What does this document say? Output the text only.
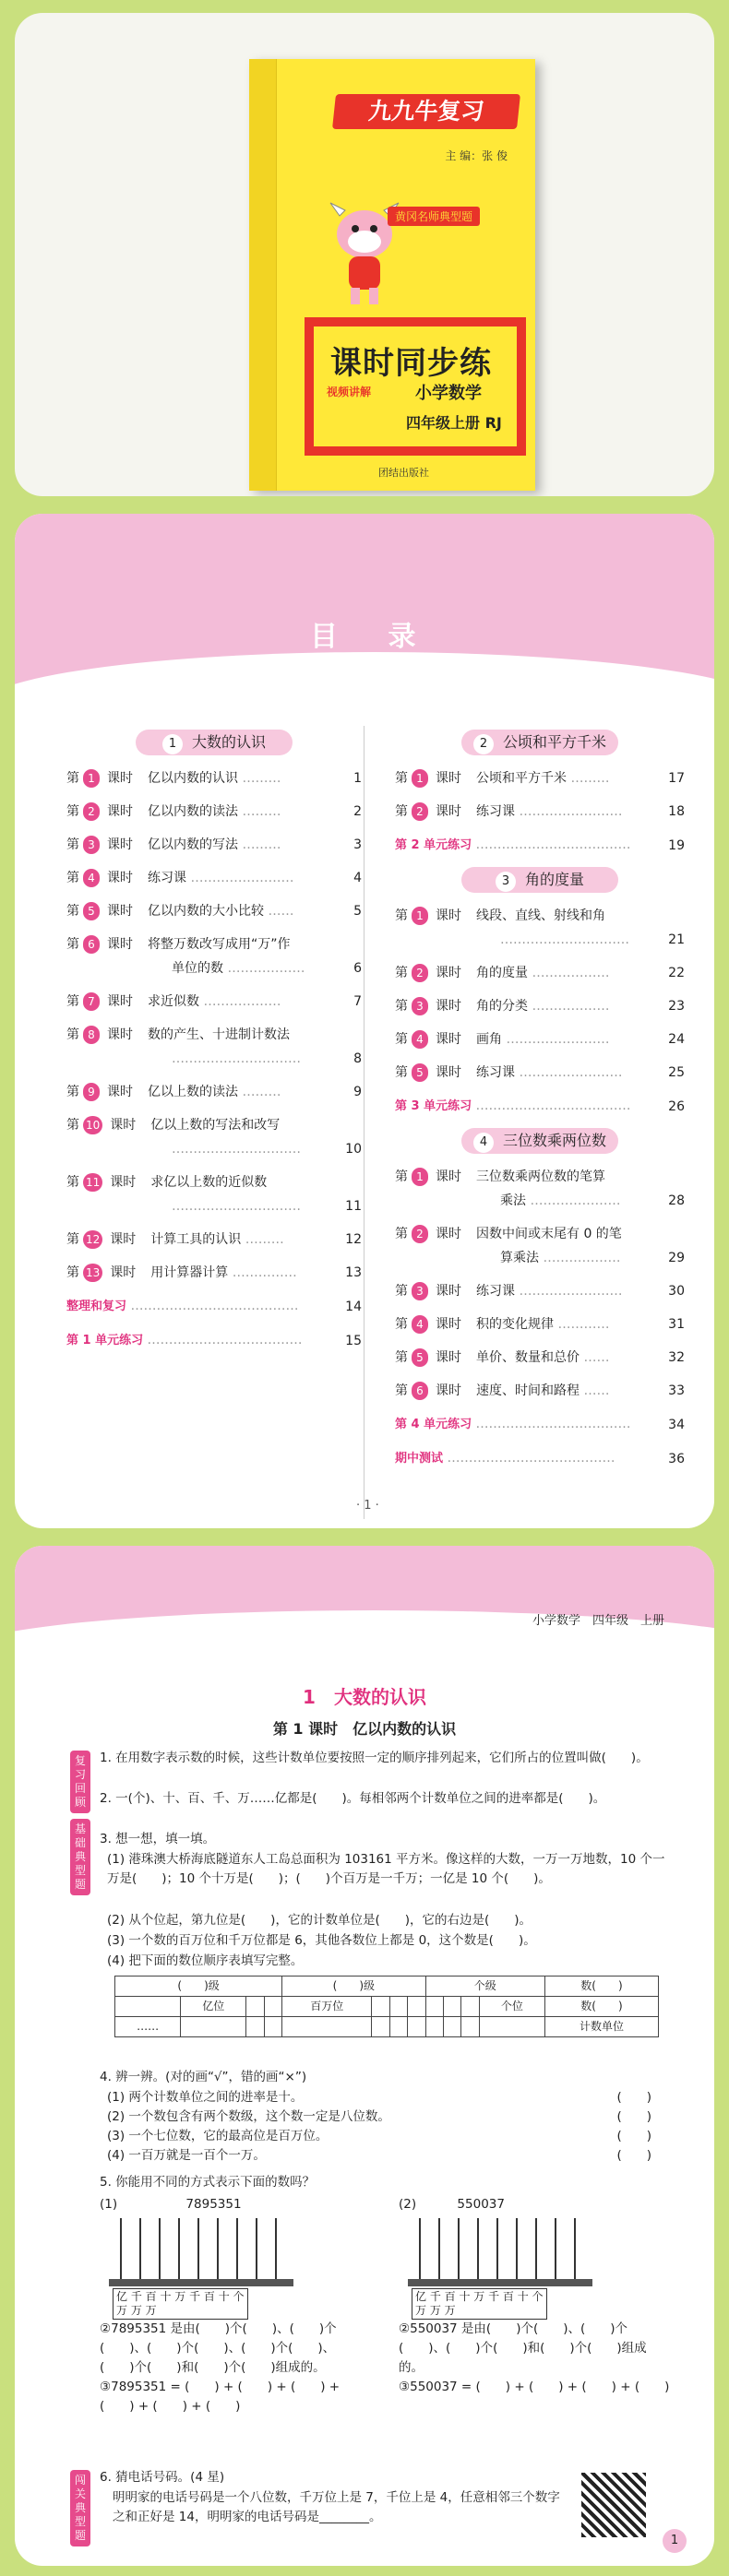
九九牛复习
主 编：张 俊
黄冈名师典型题
课时同步练
视频讲解	小学数学
四年级上册 RJ
团结出版社
目 录
1 大数的认识
第 1 课时 亿以内数的认识 ………	1
第 2 课时 亿以内数的读法 ………	2
第 3 课时 亿以内数的写法 ………	3
第 4 课时 练习课 ……………………	4
第 5 课时 亿以内数的大小比较 ……	5
第 6 课时 将整万数改写成用“万”作
单位的数 ………………	6
第 7 课时 求近似数 ………………	7
第 8 课时 数的产生、十进制计数法
…………………………	8
第 9 课时 亿以上数的读法 ………	9
第 10 课时 亿以上数的写法和改写
…………………………	10
第 11 课时 求亿以上数的近似数
…………………………	11
第 12 课时 计算工具的认识 ………	12
第 13 课时 用计算器计算 ……………	13
整理和复习 …………………………………	14
第 1 单元练习 ………………………………	15
2 公顷和平方千米
第 1 课时 公顷和平方千米 ………	17
第 2 课时 练习课 ……………………	18
第 2 单元练习 ………………………………	19
3 角的度量
第 1 课时 线段、直线、射线和角
…………………………	21
第 2 课时 角的度量 ………………	22
第 3 课时 角的分类 ………………	23
第 4 课时 画角 ……………………	24
第 5 课时 练习课 ……………………	25
第 3 单元练习 ………………………………	26
4 三位数乘两位数
第 1 课时 三位数乘两位数的笔算
乘法 …………………	28
第 2 课时 因数中间或末尾有 0 的笔
算乘法 ………………	29
第 3 课时 练习课 ……………………	30
第 4 课时 积的变化规律 …………	31
第 5 课时 单价、数量和总价 ……	32
第 6 课时 速度、时间和路程 ……	33
第 4 单元练习 ………………………………	34
期中测试 …………………………………	36
· 1 ·
小学数学　四年级　上册
1　大数的认识
第 1 课时　亿以内数的认识
复习回顾
基础典型题
闯关典型题
1. 在用数字表示数的时候，这些计数单位要按照一定的顺序排列起来，它们所占的位置叫做(　　)。
2. 一(个)、十、百、千、万……亿都是(　　)。每相邻两个计数单位之间的进率都是(　　)。
3. 想一想，填一填。
(1) 港珠澳大桥海底隧道东人工岛总面积为 103161 平方米。像这样的大数，一万一万地数，10 个一万是(　　)；10 个十万是(　　)；(　　)个百万是一千万；一亿是 10 个(　　)。
(2) 从个位起，第九位是(　　)，它的计数单位是(　　)，它的右边是(　　)。
(3) 一个数的百万位和千万位都是 6，其他各数位上都是 0，这个数是(　　)。
(4) 把下面的数位顺序表填写完整。
(　　)级				(　　)级				个级				数(　　)
	亿位			百万位							个位	数(　　)
……												计数单位
4. 辨一辨。(对的画“√”，错的画“×”)
(1) 两个计数单位之间的进率是十。	(　　)
(2) 一个数包含有两个数级，这个数一定是八位数。	(　　)
(3) 一个七位数，它的最高位是百万位。	(　　)
(4) 一百万就是一百个一万。	(　　)
5. 你能用不同的方式表示下面的数吗？
(1)	7895351
亿 千 百 十 万 千 百 十 个
万 万 万
②7895351 是由(　　)个(　　)、(　　)个(　　)、(　　)个(　　)、(　　)个(　　)、(　　)个(　　)和(　　)个(　　)组成的。
③7895351 = (　　) + (　　) + (　　) + (　　) + (　　) + (　　)
(2)	550037
亿 千 百 十 万 千 百 十 个
万 万 万
②550037 是由(　　)个(　　)、(　　)个(　　)、(　　)个(　　)和(　　)个(　　)组成的。
③550037 = (　　) + (　　) + (　　) + (　　)
6. 猜电话号码。(4 星)
明明家的电话号码是一个八位数，千万位上是 7，千位上是 4，任意相邻三个数字之和正好是 14，明明家的电话号码是________。
1
